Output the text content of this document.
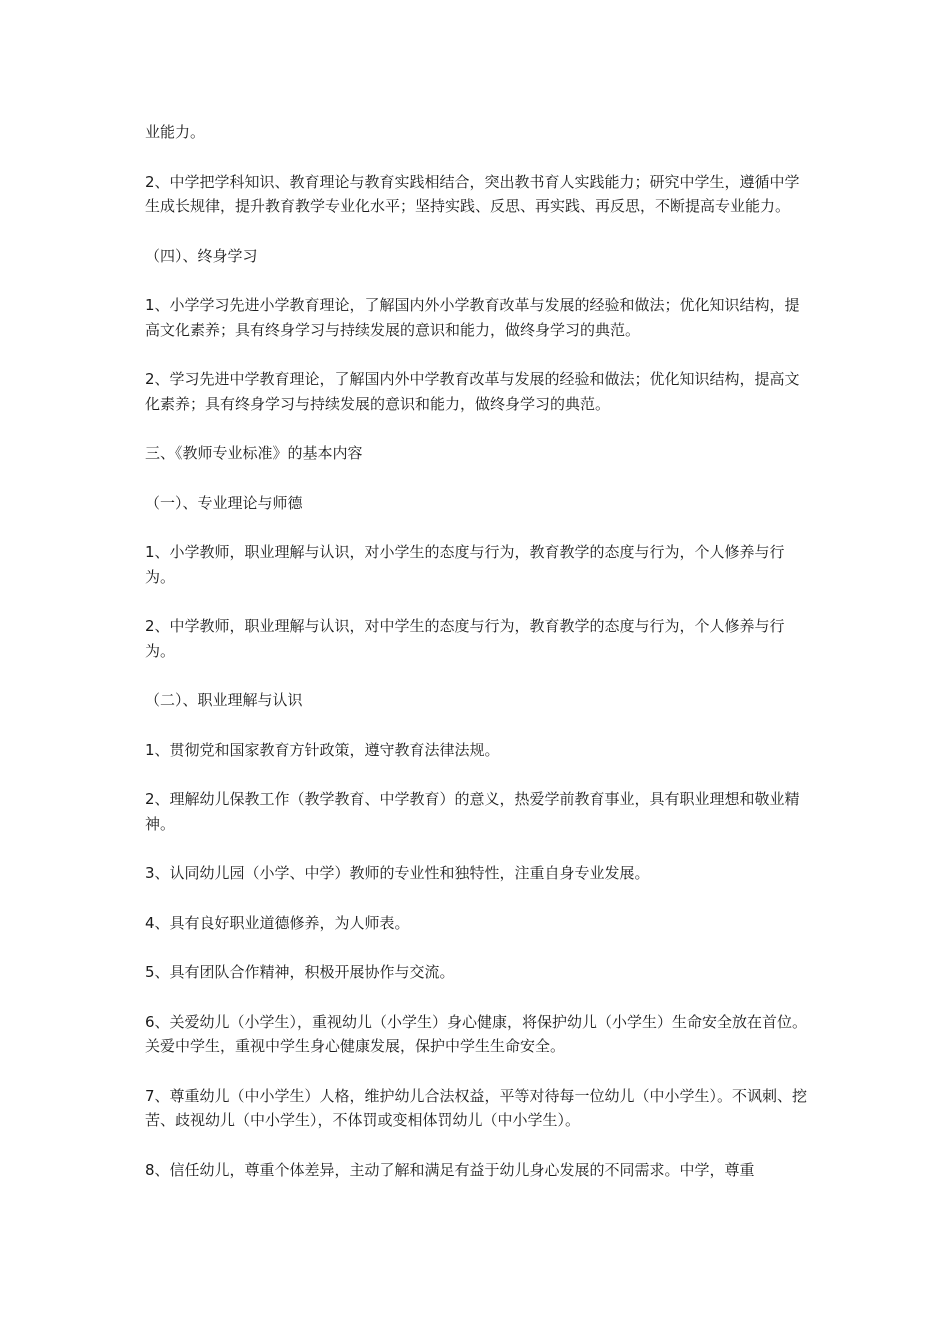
业能力。

2、中学把学科知识、教育理论与教育实践相结合，突出教书育人实践能力；研究中学生，遵循中学生成长规律，提升教育教学专业化水平；坚持实践、反思、再实践、再反思，不断提高专业能力。

（四）、终身学习

1、小学学习先进小学教育理论，了解国内外小学教育改革与发展的经验和做法；优化知识结构，提高文化素养；具有终身学习与持续发展的意识和能力，做终身学习的典范。

2、学习先进中学教育理论，了解国内外中学教育改革与发展的经验和做法；优化知识结构，提高文化素养；具有终身学习与持续发展的意识和能力，做终身学习的典范。

三、《教师专业标准》的基本内容

（一）、专业理论与师德

1、小学教师，职业理解与认识，对小学生的态度与行为，教育教学的态度与行为，个人修养与行为。

2、中学教师，职业理解与认识，对中学生的态度与行为，教育教学的态度与行为，个人修养与行为。

（二）、职业理解与认识

1、贯彻党和国家教育方针政策，遵守教育法律法规。

2、理解幼儿保教工作（教学教育、中学教育）的意义，热爱学前教育事业，具有职业理想和敬业精神。

3、认同幼儿园（小学、中学）教师的专业性和独特性，注重自身专业发展。

4、具有良好职业道德修养，为人师表。

5、具有团队合作精神，积极开展协作与交流。

6、关爱幼儿（小学生），重视幼儿（小学生）身心健康，将保护幼儿（小学生）生命安全放在首位。关爱中学生，重视中学生身心健康发展，保护中学生生命安全。

7、尊重幼儿（中小学生）人格，维护幼儿合法权益，平等对待每一位幼儿（中小学生）。不讽刺、挖苦、歧视幼儿（中小学生），不体罚或变相体罚幼儿（中小学生）。

8、信任幼儿，尊重个体差异，主动了解和满足有益于幼儿身心发展的不同需求。中学，尊重
